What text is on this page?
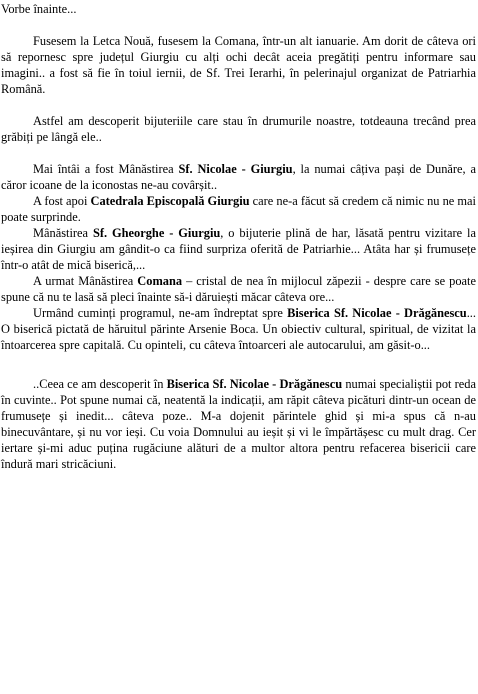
Vorbe înainte...

Fusesem la Letca Nouă, fusesem la Comana, într-un alt ianuarie. Am dorit de câteva ori să repornesc spre județul Giurgiu cu alți ochi decât aceia pregătiți pentru informare sau imagini.. a fost să fie în toiul iernii, de Sf. Trei Ierarhi, în pelerinajul organizat de Patriarhia Română.

Astfel am descoperit bijuteriile care stau în drumurile noastre, totdeauna trecând prea grăbiți pe lângă ele..

Mai întâi a fost Mânăstirea Sf. Nicolae - Giurgiu, la numai câțiva pași de Dunăre, a căror icoane de la iconostas ne-au covârșit..

A fost apoi Catedrala Episcopală Giurgiu care ne-a făcut să credem că nimic nu ne mai poate surprinde.

Mânăstirea Sf. Gheorghe - Giurgiu, o bijuterie plină de har, lăsată pentru vizitare la ieșirea din Giurgiu am gândit-o ca fiind surpriza oferită de Patriarhie... Atâta har și frumusețe într-o atât de mică biserică,...

A urmat Mânăstirea Comana – cristal de nea în mijlocul zăpezii - despre care se poate spune că nu te lasă să pleci înainte să-i dăruiești măcar câteva ore...

Urmând cuminți programul, ne-am îndreptat spre Biserica Sf. Nicolae - Drăgănescu... O biserică pictată de hăruitul părinte Arsenie Boca. Un obiectiv cultural, spiritual, de vizitat la întoarcerea spre capitală. Cu opinteli, cu câteva întoarceri ale autocarului, am găsit-o...

..Ceea ce am descoperit în Biserica Sf. Nicolae - Drăgănescu numai specialiștii pot reda în cuvinte.. Pot spune numai că, neatentă la indicații, am răpit câteva picături dintr-un ocean de frumusețe și inedit... câteva poze.. M-a dojenit părintele ghid și mi-a spus că n-au binecuvântare, și nu vor ieși. Cu voia Domnului au ieșit și vi le împărtășesc cu mult drag. Cer iertare și-mi aduc puțina rugăciune alături de a multor altora pentru refacerea bisericii care îndură mari stricăciuni.
